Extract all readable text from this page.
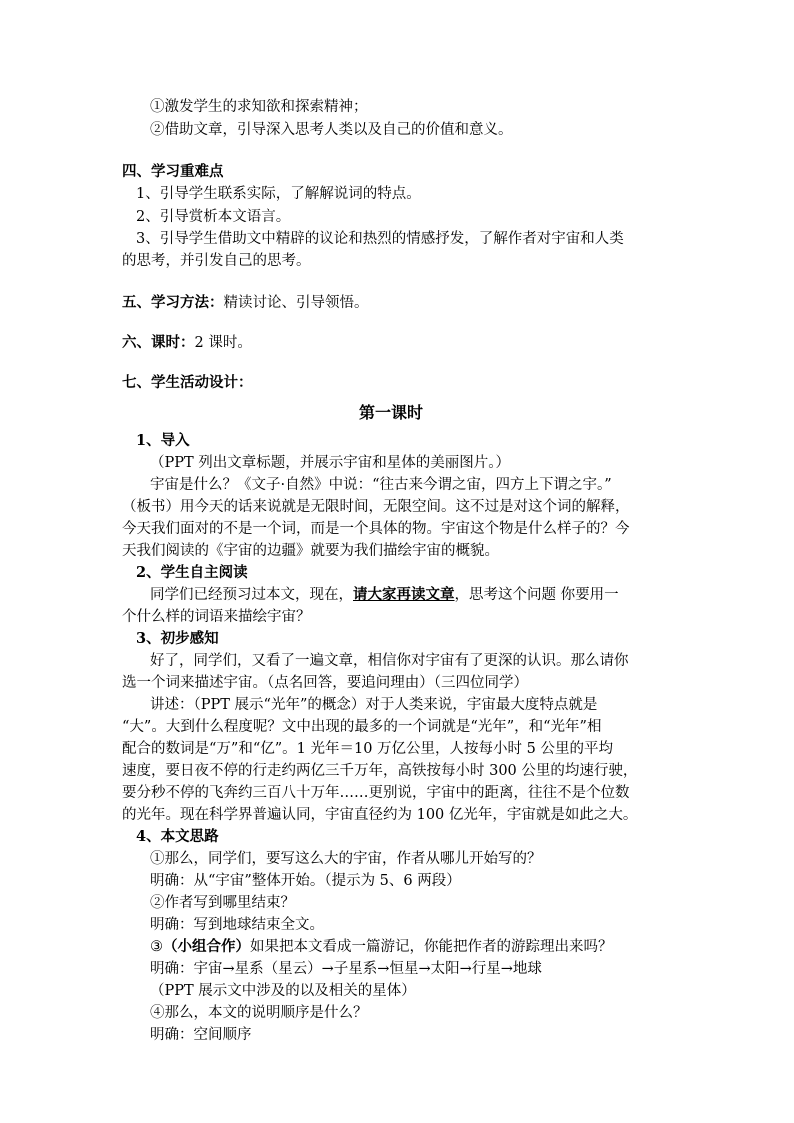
①激发学生的求知欲和探索精神；
②借助文章，引导深入思考人类以及自己的价值和意义。
四、学习重难点
1、引导学生联系实际，了解解说词的特点。
2、引导赏析本文语言。
3、引导学生借助文中精辟的议论和热烈的情感抒发，了解作者对宇宙和人类
的思考，并引发自己的思考。
五、学习方法：精读讨论、引导领悟。
六、课时：2 课时。
七、学生活动设计：
第一课时
1、导入
（PPT 列出文章标题，并展示宇宙和星体的美丽图片。）
宇宙是什么？《文子·自然》中说：“往古来今谓之宙，四方上下谓之宇。”
（板书）用今天的话来说就是无限时间，无限空间。这不过是对这个词的解释，
今天我们面对的不是一个词，而是一个具体的物。宇宙这个物是什么样子的？今
天我们阅读的《宇宙的边疆》就要为我们描绘宇宙的概貌。
2、学生自主阅读
同学们已经预习过本文，现在，请大家再读文章，思考这个问题 你要用一
个什么样的词语来描绘宇宙？
3、初步感知
好了，同学们，又看了一遍文章，相信你对宇宙有了更深的认识。那么请你
选一个词来描述宇宙。（点名回答，要追问理由）（三四位同学）
讲述：（PPT 展示“光年”的概念）对于人类来说，宇宙最大度特点就是
“大”。大到什么程度呢？文中出现的最多的一个词就是“光年”，和“光年”相
配合的数词是“万”和“亿”。1 光年＝10 万亿公里，人按每小时 5 公里的平均
速度，要日夜不停的行走约两亿三千万年，高铁按每小时 300 公里的均速行驶，
要分秒不停的飞奔约三百八十万年……更别说，宇宙中的距离，往往不是个位数
的光年。现在科学界普遍认同，宇宙直径约为 100 亿光年，宇宙就是如此之大。
4、本文思路
①那么，同学们，要写这么大的宇宙，作者从哪儿开始写的？
明确：从“宇宙”整体开始。（提示为 5、6 两段）
②作者写到哪里结束？
明确：写到地球结束全文。
③（小组合作）如果把本文看成一篇游记，你能把作者的游踪理出来吗？
明确：宇宙→星系（星云）→子星系→恒星→太阳→行星→地球
（PPT 展示文中涉及的以及相关的星体）
④那么，本文的说明顺序是什么？
明确：空间顺序
